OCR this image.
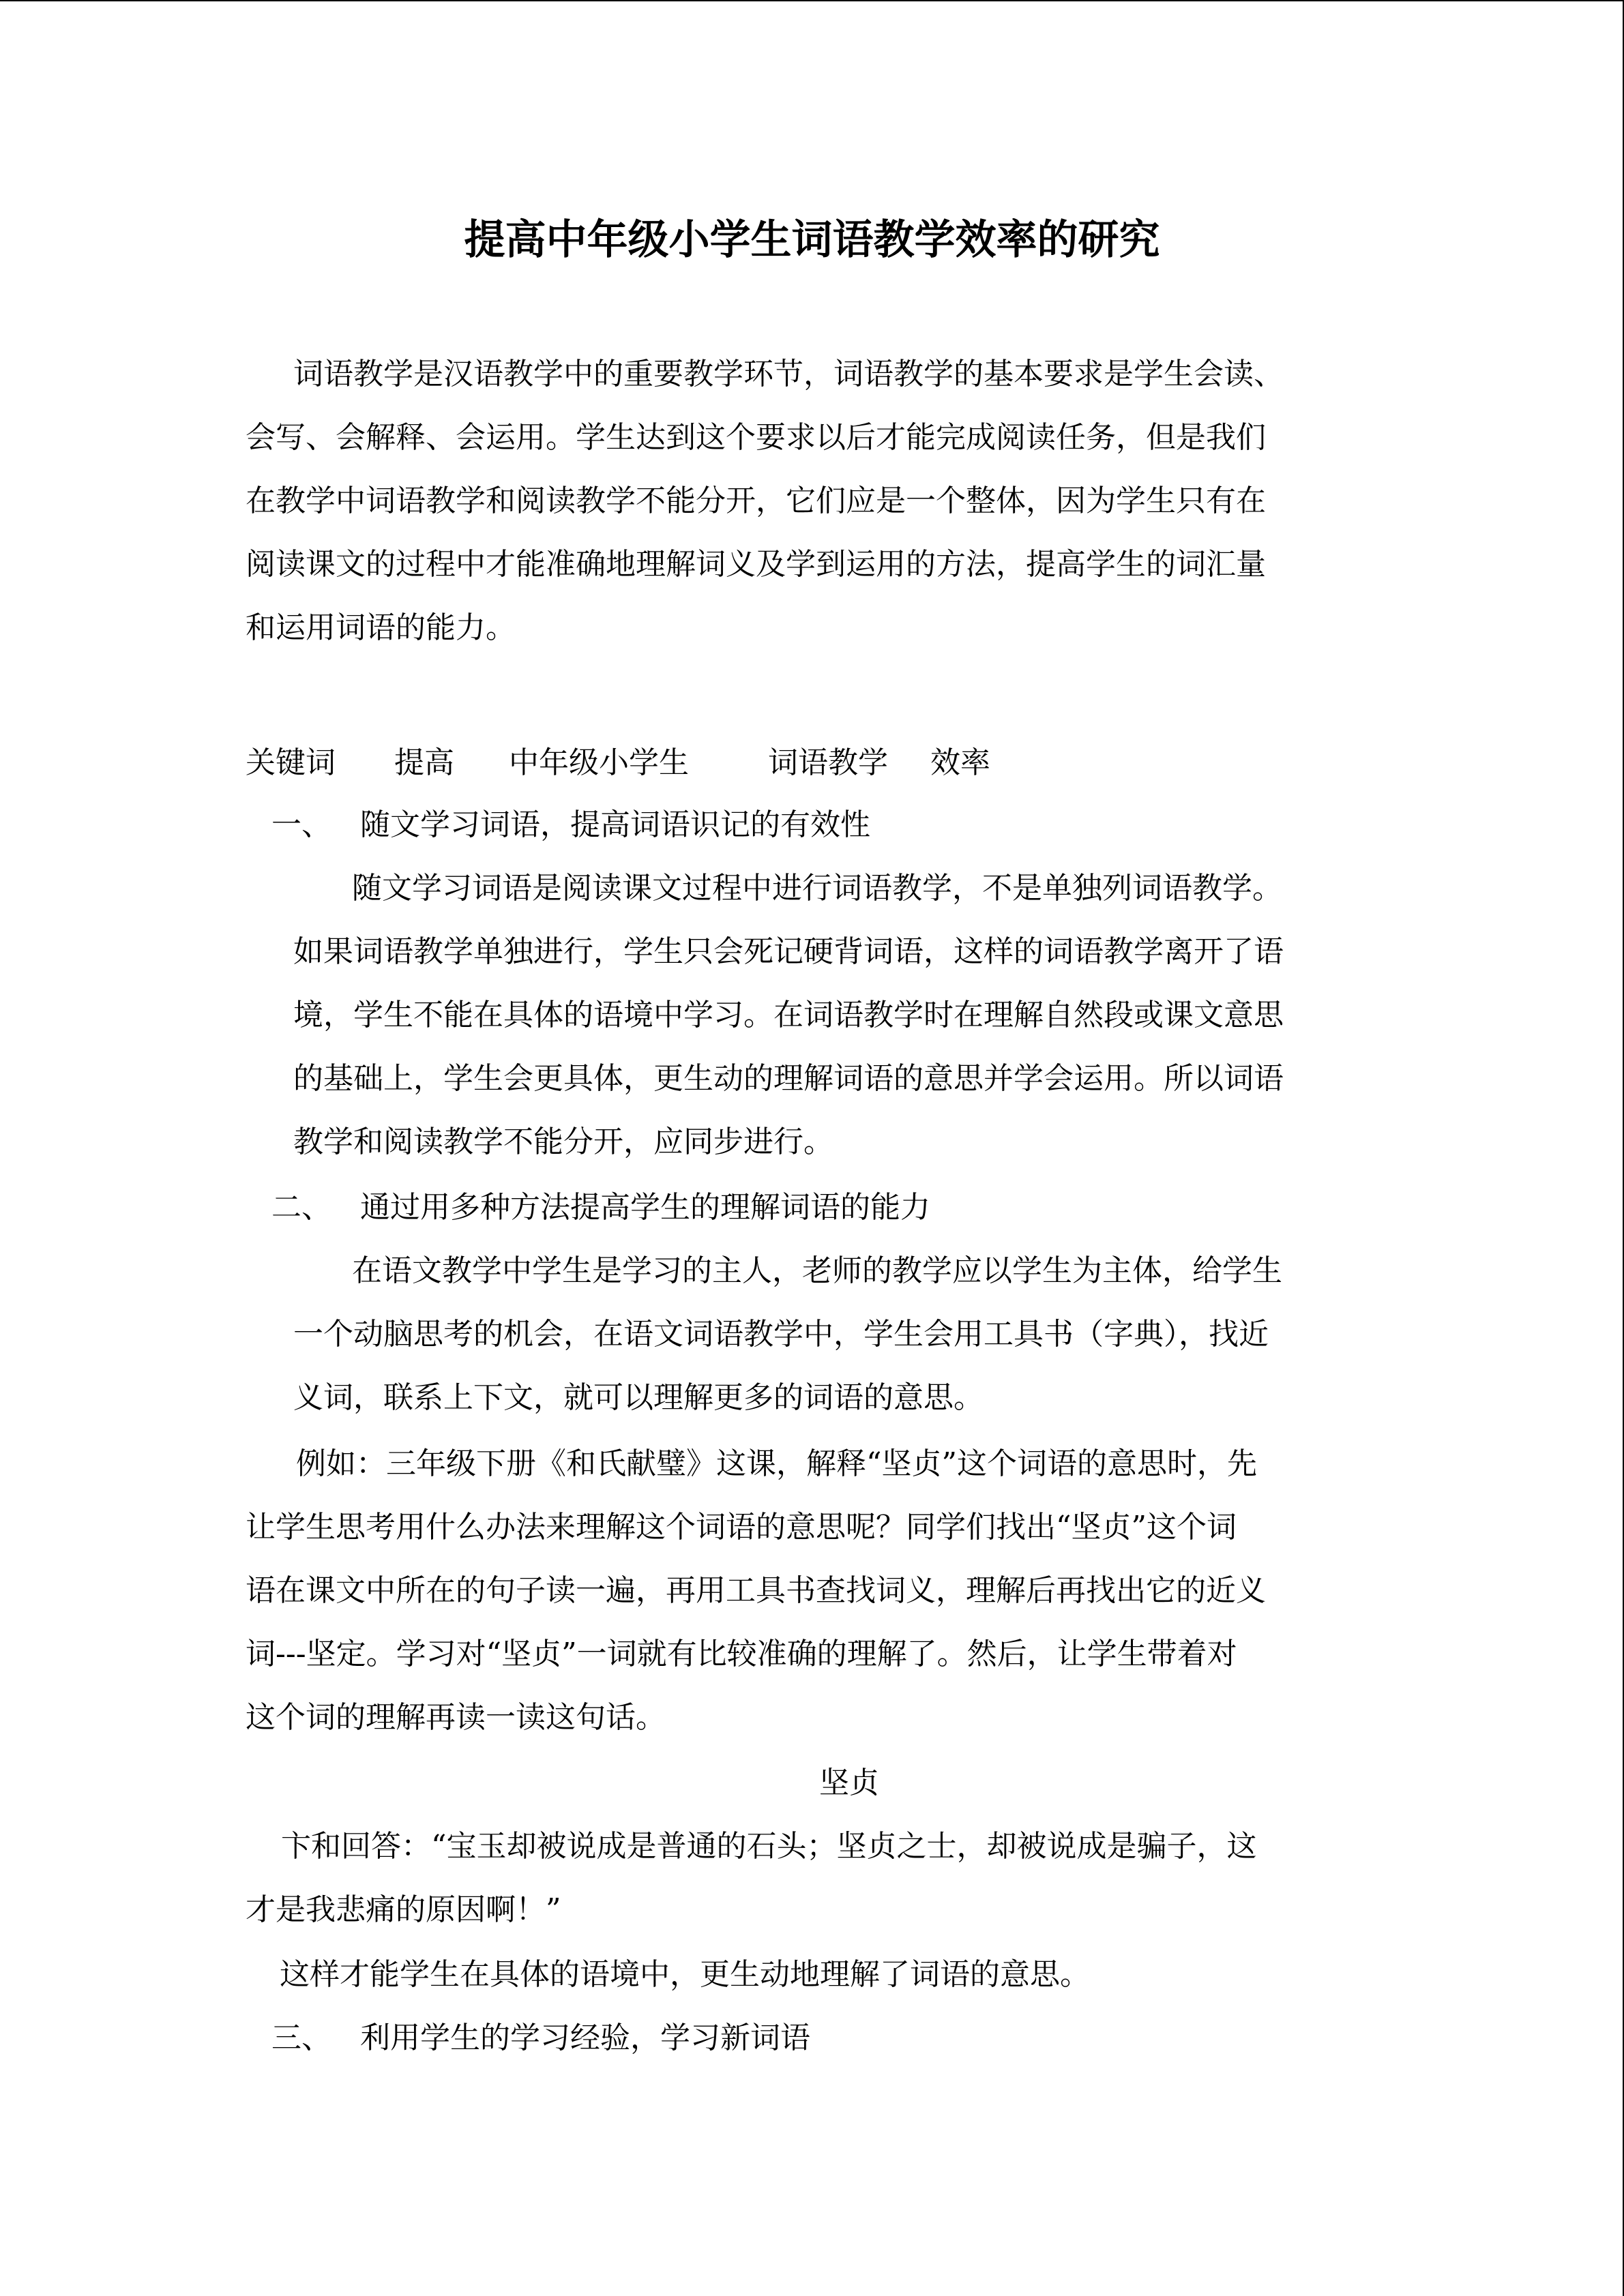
提高中年级小学生词语教学效率的研究
词语教学是汉语教学中的重要教学环节，词语教学的基本要求是学生会读、
会写、会解释、会运用。学生达到这个要求以后才能完成阅读任务，但是我们
在教学中词语教学和阅读教学不能分开，它们应是一个整体，因为学生只有在
阅读课文的过程中才能准确地理解词义及学到运用的方法，提高学生的词汇量
和运用词语的能力。
关键词 提高 中年级小学生	词语教学 效率
一、 随文学习词语，提高词语识记的有效性
随文学习词语是阅读课文过程中进行词语教学，不是单独列词语教学。
如果词语教学单独进行，学生只会死记硬背词语，这样的词语教学离开了语
境，学生不能在具体的语境中学习。在词语教学时在理解自然段或课文意思
的基础上，学生会更具体，更生动的理解词语的意思并学会运用。所以词语
教学和阅读教学不能分开，应同步进行。
二、 通过用多种方法提高学生的理解词语的能力
在语文教学中学生是学习的主人，老师的教学应以学生为主体，给学生
一个动脑思考的机会，在语文词语教学中，学生会用工具书（字典），找近
义词，联系上下文，就可以理解更多的词语的意思。
例如：三年级下册《和氏献璧》这课，解释“坚贞”这个词语的意思时，先
让学生思考用什么办法来理解这个词语的意思呢？同学们找出“坚贞”这个词
语在课文中所在的句子读一遍，再用工具书查找词义，理解后再找出它的近义
词---坚定。学习对“坚贞”一词就有比较准确的理解了。然后，让学生带着对
这个词的理解再读一读这句话。
坚贞
卞和回答：“宝玉却被说成是普通的石头；坚贞之士，却被说成是骗子，这
才是我悲痛的原因啊！”
这样才能学生在具体的语境中，更生动地理解了词语的意思。
三、 利用学生的学习经验，学习新词语
